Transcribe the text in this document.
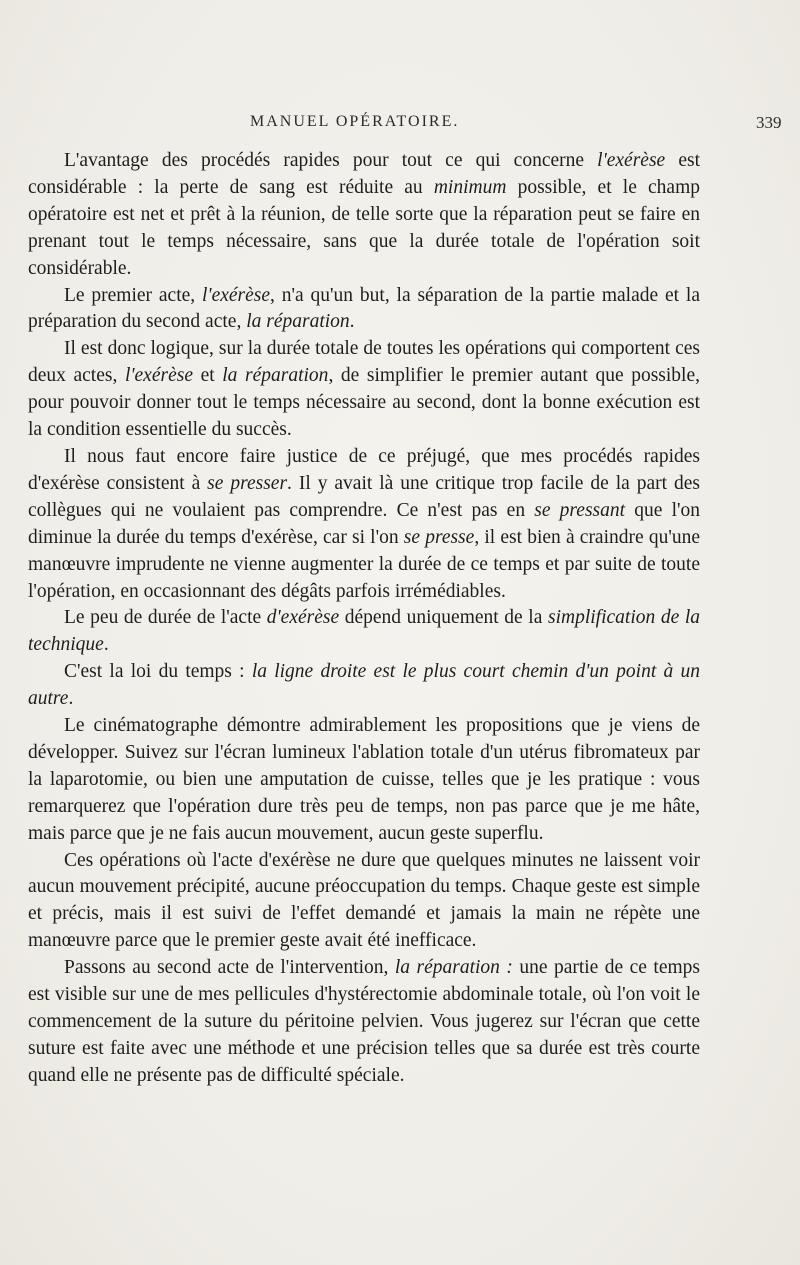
MANUEL OPÉRATOIRE.	339

L'avantage des procédés rapides pour tout ce qui concerne l'exérèse est considérable : la perte de sang est réduite au minimum possible, et le champ opératoire est net et prêt à la réunion, de telle sorte que la réparation peut se faire en prenant tout le temps nécessaire, sans que la durée totale de l'opération soit considérable.

Le premier acte, l'exérèse, n'a qu'un but, la séparation de la partie malade et la préparation du second acte, la réparation.

Il est donc logique, sur la durée totale de toutes les opérations qui comportent ces deux actes, l'exérèse et la réparation, de simplifier le premier autant que possible, pour pouvoir donner tout le temps nécessaire au second, dont la bonne exécution est la condition essentielle du succès.

Il nous faut encore faire justice de ce préjugé, que mes procédés rapides d'exérèse consistent à se presser. Il y avait là une critique trop facile de la part des collègues qui ne voulaient pas comprendre. Ce n'est pas en se pressant que l'on diminue la durée du temps d'exérèse, car si l'on se presse, il est bien à craindre qu'une manœuvre imprudente ne vienne augmenter la durée de ce temps et par suite de toute l'opération, en occasionnant des dégâts parfois irrémédiables.

Le peu de durée de l'acte d'exérèse dépend uniquement de la simplification de la technique.

C'est la loi du temps : la ligne droite est le plus court chemin d'un point à un autre.

Le cinématographe démontre admirablement les propositions que je viens de développer. Suivez sur l'écran lumineux l'ablation totale d'un utérus fibromateux par la laparotomie, ou bien une amputation de cuisse, telles que je les pratique : vous remarquerez que l'opération dure très peu de temps, non pas parce que je me hâte, mais parce que je ne fais aucun mouvement, aucun geste superflu.

Ces opérations où l'acte d'exérèse ne dure que quelques minutes ne laissent voir aucun mouvement précipité, aucune préoccupation du temps. Chaque geste est simple et précis, mais il est suivi de l'effet demandé et jamais la main ne répète une manœuvre parce que le premier geste avait été inefficace.

Passons au second acte de l'intervention, la réparation : une partie de ce temps est visible sur une de mes pellicules d'hystérectomie abdominale totale, où l'on voit le commencement de la suture du péritoine pelvien. Vous jugerez sur l'écran que cette suture est faite avec une méthode et une précision telles que sa durée est très courte quand elle ne présente pas de difficulté spéciale.
